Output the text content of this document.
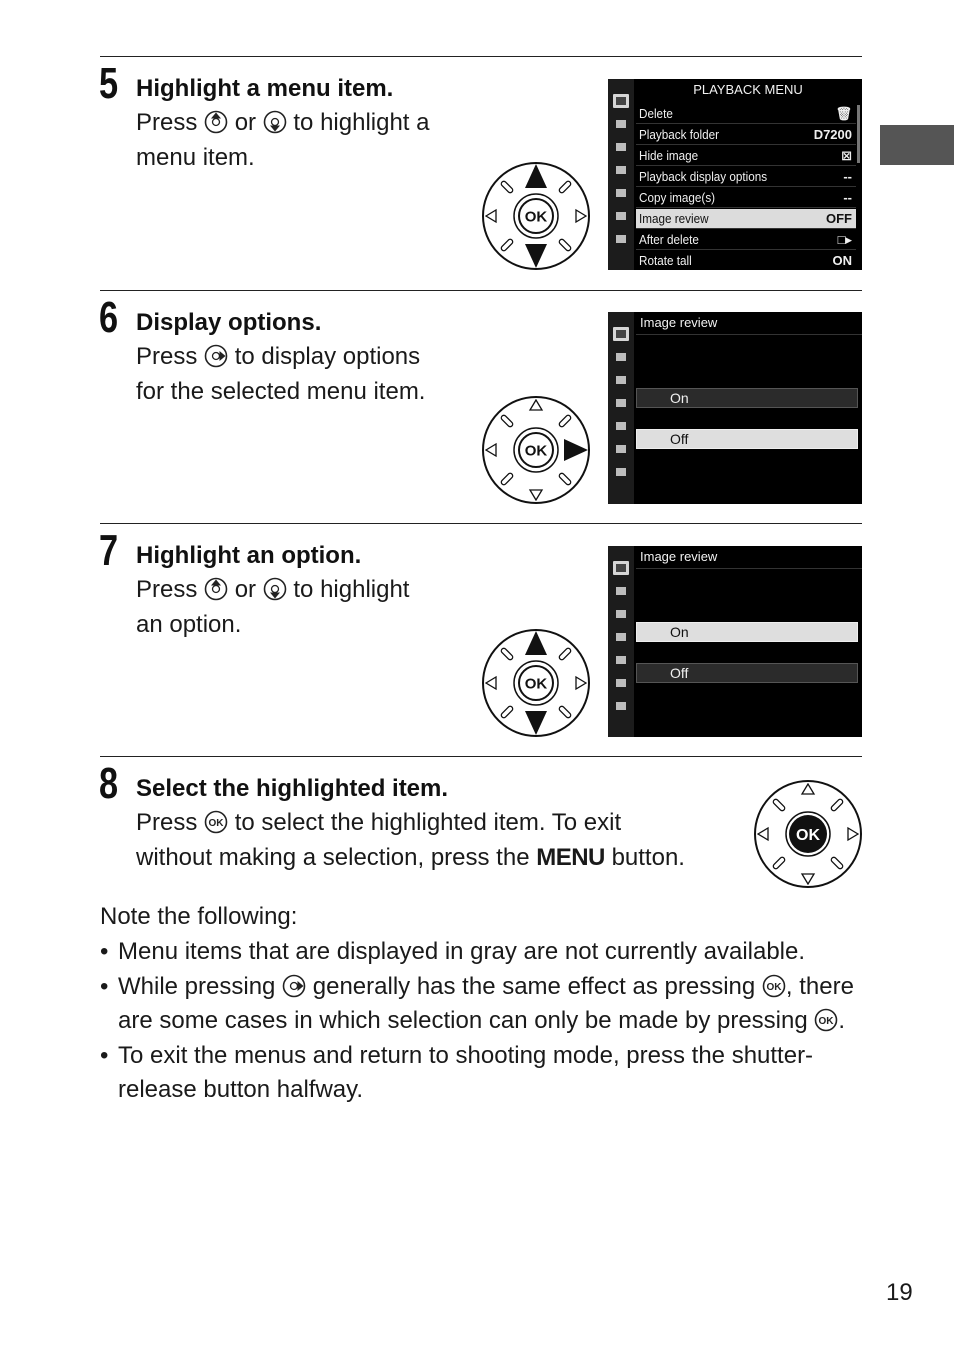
5 Highlight a menu item.
Press or to highlight a
menu item.
OK
PLAYBACK MENU
Delete	🗑
Playback folder	D7200
Hide image	⊠
Playback display options	--
Copy image(s)	--
Image review	OFF
After delete	□▸
Rotate tall	ON
6 Display options.
Press to display options
for the selected menu item.
OK
Image review
On
Off
7 Highlight an option.
Press or to highlight
an option.
OK
Image review
On
Off
8 Select the highlighted item.
Press OK to select the highlighted item. To exit
without making a selection, press the MENU button.
OK
Note the following:
• Menu items that are displayed in gray are not currently available.
• While pressing generally has the same effect as pressing OK , there are some cases in which selection can only be made by pressing OK .
• To exit the menus and return to shooting mode, press the shutter-release button halfway.
19
